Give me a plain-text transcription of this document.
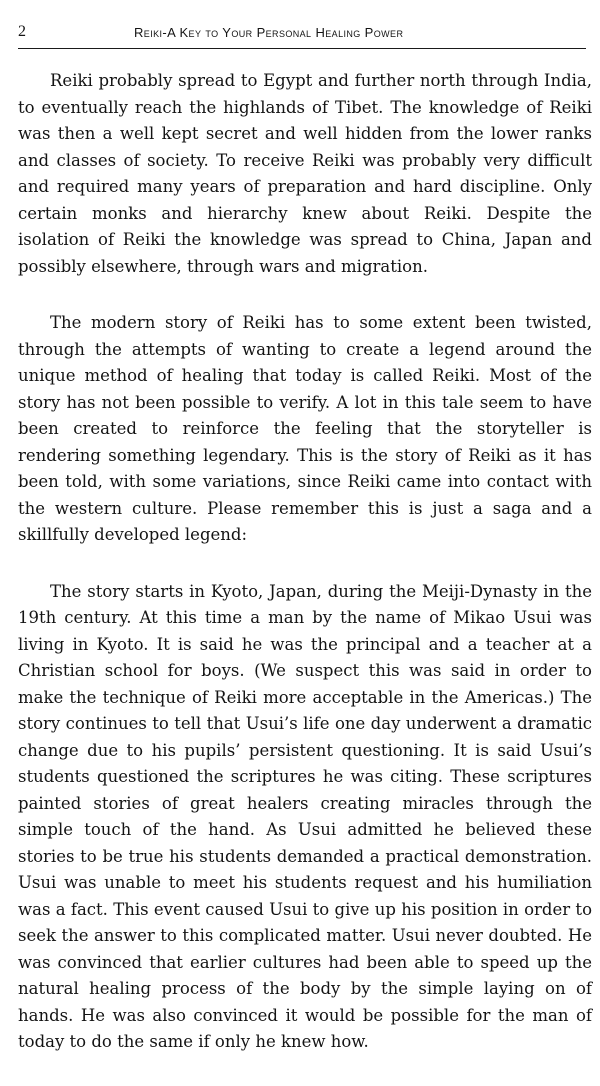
2	Reiki-A Key to Your Personal Healing Power

Reiki probably spread to Egypt and further north through India, to eventually reach the highlands of Tibet. The knowledge of Reiki was then a well kept secret and well hidden from the lower ranks and classes of society. To receive Reiki was probably very difficult and required many years of preparation and hard discipline. Only certain monks and hierarchy knew about Reiki. Despite the isolation of Reiki the knowledge was spread to China, Japan and possibly elsewhere, through wars and migration.

The modern story of Reiki has to some extent been twisted, through the attempts of wanting to create a legend around the unique method of healing that today is called Reiki. Most of the story has not been possible to verify. A lot in this tale seem to have been created to reinforce the feeling that the storyteller is rendering something legendary. This is the story of Reiki as it has been told, with some variations, since Reiki came into contact with the western culture. Please remember this is just a saga and a skillfully developed legend:

The story starts in Kyoto, Japan, during the Meiji-Dynasty in the 19th century. At this time a man by the name of Mikao Usui was living in Kyoto. It is said he was the principal and a teacher at a Christian school for boys. (We suspect this was said in order to make the technique of Reiki more acceptable in the Americas.) The story continues to tell that Usui’s life one day underwent a dramatic change due to his pupils’ persistent questioning. It is said Usui’s students questioned the scriptures he was citing. These scriptures painted stories of great healers creating miracles through the simple touch of the hand. As Usui admitted he believed these stories to be true his students demanded a practical demonstration. Usui was unable to meet his students request and his humiliation was a fact. This event caused Usui to give up his position in order to seek the answer to this complicated matter. Usui never doubted. He was convinced that earlier cultures had been able to speed up the natural healing process of the body by the simple laying on of hands. He was also convinced it would be possible for the man of today to do the same if only he knew how.
